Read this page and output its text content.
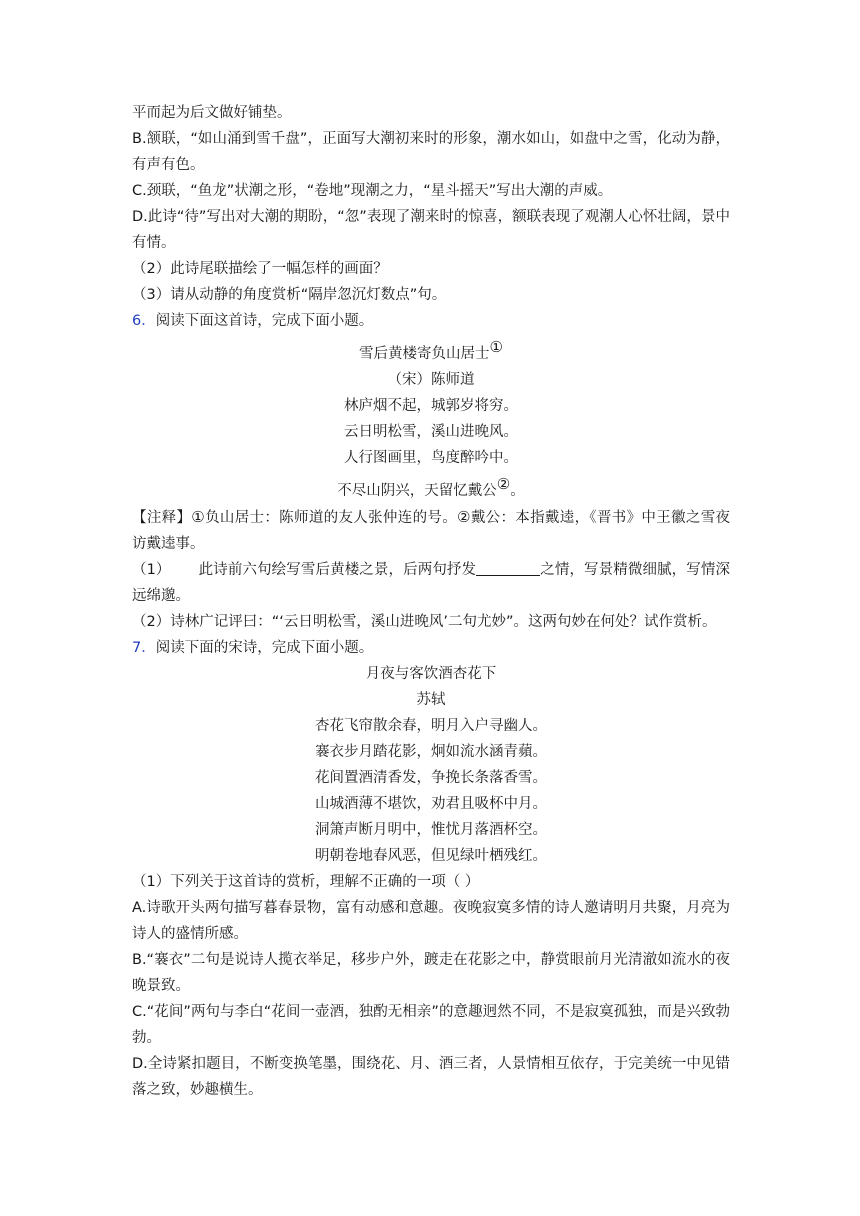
平而起为后文做好铺垫。

B.颔联，“如山涌到雪千盘”，正面写大潮初来时的形象，潮水如山，如盘中之雪，化动为静，有声有色。

C.颈联，“鱼龙”状潮之形，“卷地”现潮之力，“星斗摇天”写出大潮的声威。

D.此诗“待”写出对大潮的期盼，“忽”表现了潮来时的惊喜，额联表现了观潮人心怀壮阔，景中有情。

（2）此诗尾联描绘了一幅怎样的画面？

（3）请从动静的角度赏析“隔岸忽沉灯数点”句。

6．阅读下面这首诗，完成下面小题。

雪后黄楼寄负山居士①

（宋）陈师道

林庐烟不起，城郭岁将穷。

云日明松雪，溪山进晚风。

人行图画里，鸟度醉吟中。

不尽山阴兴，天留忆戴公②。

【注释】①负山居士：陈师道的友人张仲连的号。②戴公：本指戴逵，《晋书》中王徽之雪夜访戴逵事。

（1） 此诗前六句绘写雪后黄楼之景，后两句抒发	之情，写景精微细腻，写情深远绵邈。

（2）诗林广记评曰：“‘云日明松雪，溪山进晚风’二句尤妙”。这两句妙在何处？试作赏析。

7．阅读下面的宋诗，完成下面小题。

月夜与客饮酒杏花下

苏轼

杏花飞帘散余春，明月入户寻幽人。

褰衣步月踏花影，炯如流水涵青蘋。

花间置酒清香发，争挽长条落香雪。

山城酒薄不堪饮，劝君且吸杯中月。

洞箫声断月明中，惟忧月落酒杯空。

明朝卷地春风恶，但见绿叶栖残红。

（1）下列关于这首诗的赏析，理解不正确的一项（ ）

A.诗歌开头两句描写暮春景物，富有动感和意趣。夜晚寂寞多情的诗人邀请明月共聚，月亮为诗人的盛情所感。

B.“褰衣”二句是说诗人揽衣举足，移步户外，踱走在花影之中，静赏眼前月光清澈如流水的夜晚景致。

C.“花间”两句与李白“花间一壶酒，独酌无相亲”的意趣迥然不同，不是寂寞孤独，而是兴致勃勃。

D.全诗紧扣题目，不断变换笔墨，围绕花、月、酒三者，人景情相互依存，于完美统一中见错落之致，妙趣横生。
